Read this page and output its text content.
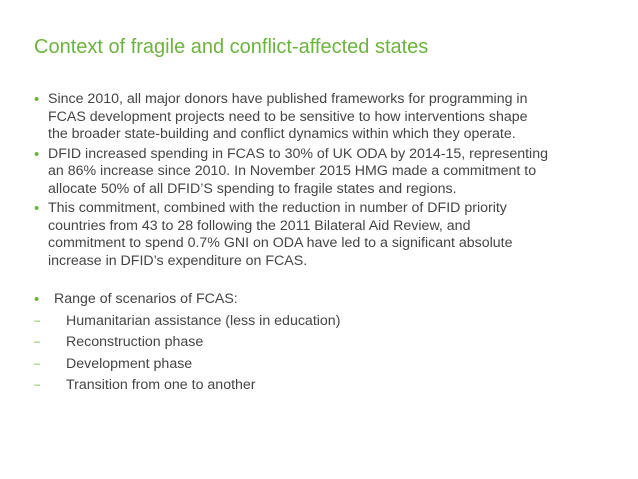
Context of fragile and conflict-affected states
• Since 2010, all major donors have published frameworks for programming in
FCAS development projects need to be sensitive to how interventions shape
the broader state-building and conflict dynamics within which they operate.
• DFID increased spending in FCAS to 30% of UK ODA by 2014-15, representing
an 86% increase since 2010. In November 2015 HMG made a commitment to
allocate 50% of all DFID’S spending to fragile states and regions.
• This commitment, combined with the reduction in number of DFID priority
countries from 43 to 28 following the 2011 Bilateral Aid Review, and
commitment to spend 0.7% GNI on ODA have led to a significant absolute
increase in DFID’s expenditure on FCAS.
•	Range of scenarios of FCAS:
– Humanitarian assistance (less in education)
– Reconstruction phase
– Development phase
– Transition from one to another
